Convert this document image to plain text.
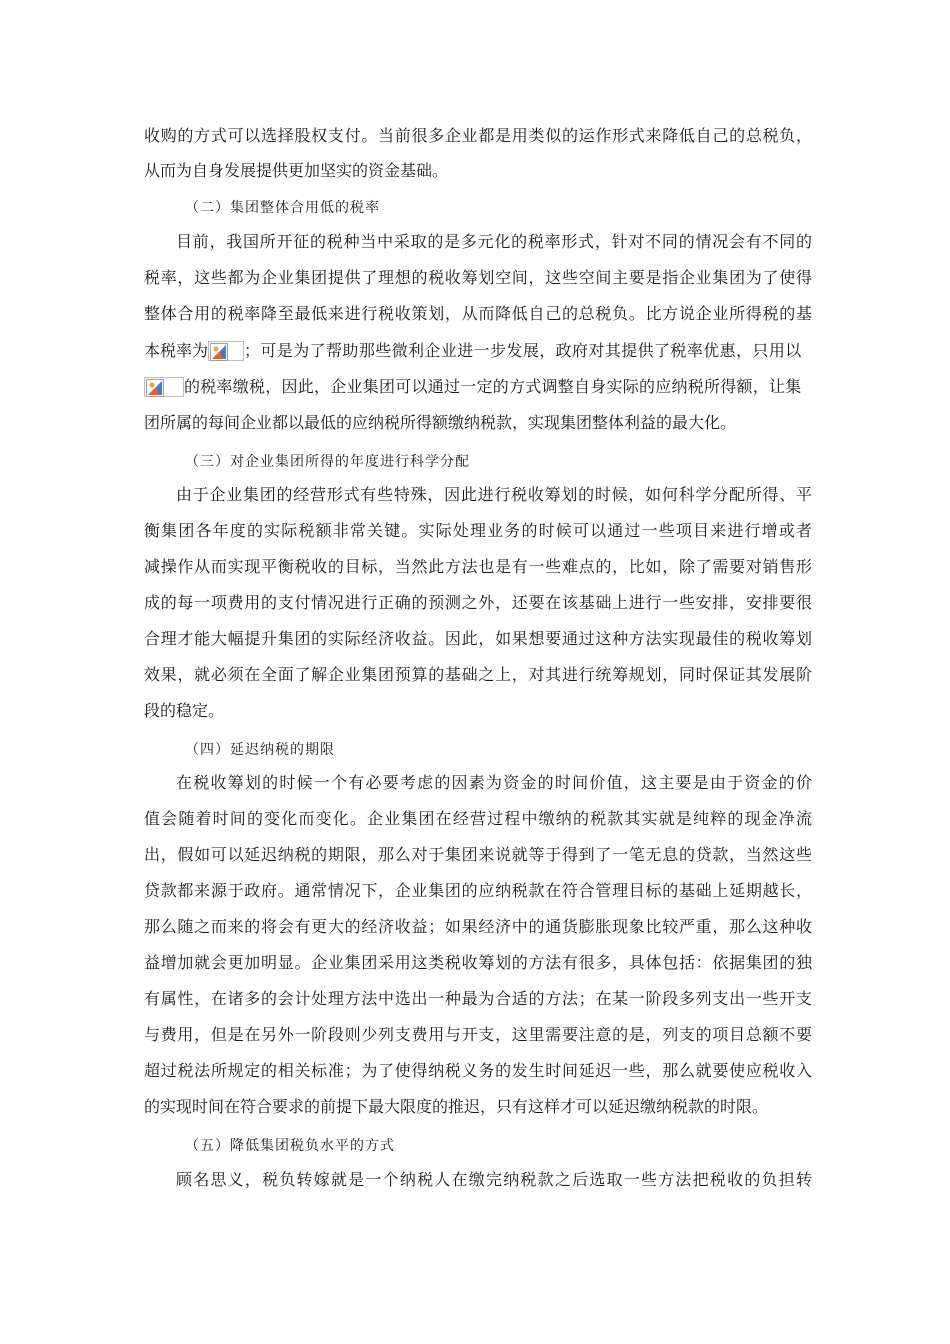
收购的方式可以选择股权支付。当前很多企业都是用类似的运作形式来降低自己的总税负，
从而为自身发展提供更加坚实的资金基础。
（二）集团整体合用低的税率
目前，我国所开征的税种当中采取的是多元化的税率形式，针对不同的情况会有不同的
税率，这些都为企业集团提供了理想的税收筹划空间，这些空间主要是指企业集团为了使得
整体合用的税率降至最低来进行税收策划，从而降低自己的总税负。比方说企业所得税的基
本税率为 ；可是为了帮助那些微利企业进一步发展，政府对其提供了税率优惠，只用以
的税率缴税，因此，企业集团可以通过一定的方式调整自身实际的应纳税所得额，让集
团所属的每间企业都以最低的应纳税所得额缴纳税款，实现集团整体利益的最大化。
（三）对企业集团所得的年度进行科学分配
由于企业集团的经营形式有些特殊，因此进行税收筹划的时候，如何科学分配所得、平
衡集团各年度的实际税额非常关键。实际处理业务的时候可以通过一些项目来进行增或者
减操作从而实现平衡税收的目标，当然此方法也是有一些难点的，比如，除了需要对销售形
成的每一项费用的支付情况进行正确的预测之外，还要在该基础上进行一些安排，安排要很
合理才能大幅提升集团的实际经济收益。因此，如果想要通过这种方法实现最佳的税收筹划
效果，就必须在全面了解企业集团预算的基础之上，对其进行统筹规划，同时保证其发展阶
段的稳定。
（四）延迟纳税的期限
在税收筹划的时候一个有必要考虑的因素为资金的时间价值，这主要是由于资金的价
值会随着时间的变化而变化。企业集团在经营过程中缴纳的税款其实就是纯粹的现金净流
出，假如可以延迟纳税的期限，那么对于集团来说就等于得到了一笔无息的贷款，当然这些
贷款都来源于政府。通常情况下，企业集团的应纳税款在符合管理目标的基础上延期越长，
那么随之而来的将会有更大的经济收益；如果经济中的通货膨胀现象比较严重，那么这种收
益增加就会更加明显。企业集团采用这类税收筹划的方法有很多，具体包括：依据集团的独
有属性，在诸多的会计处理方法中选出一种最为合适的方法；在某一阶段多列支出一些开支
与费用，但是在另外一阶段则少列支费用与开支，这里需要注意的是，列支的项目总额不要
超过税法所规定的相关标准；为了使得纳税义务的发生时间延迟一些，那么就要使应税收入
的实现时间在符合要求的前提下最大限度的推迟，只有这样才可以延迟缴纳税款的时限。
（五）降低集团税负水平的方式
顾名思义，税负转嫁就是一个纳税人在缴完纳税款之后选取一些方法把税收的负担转
